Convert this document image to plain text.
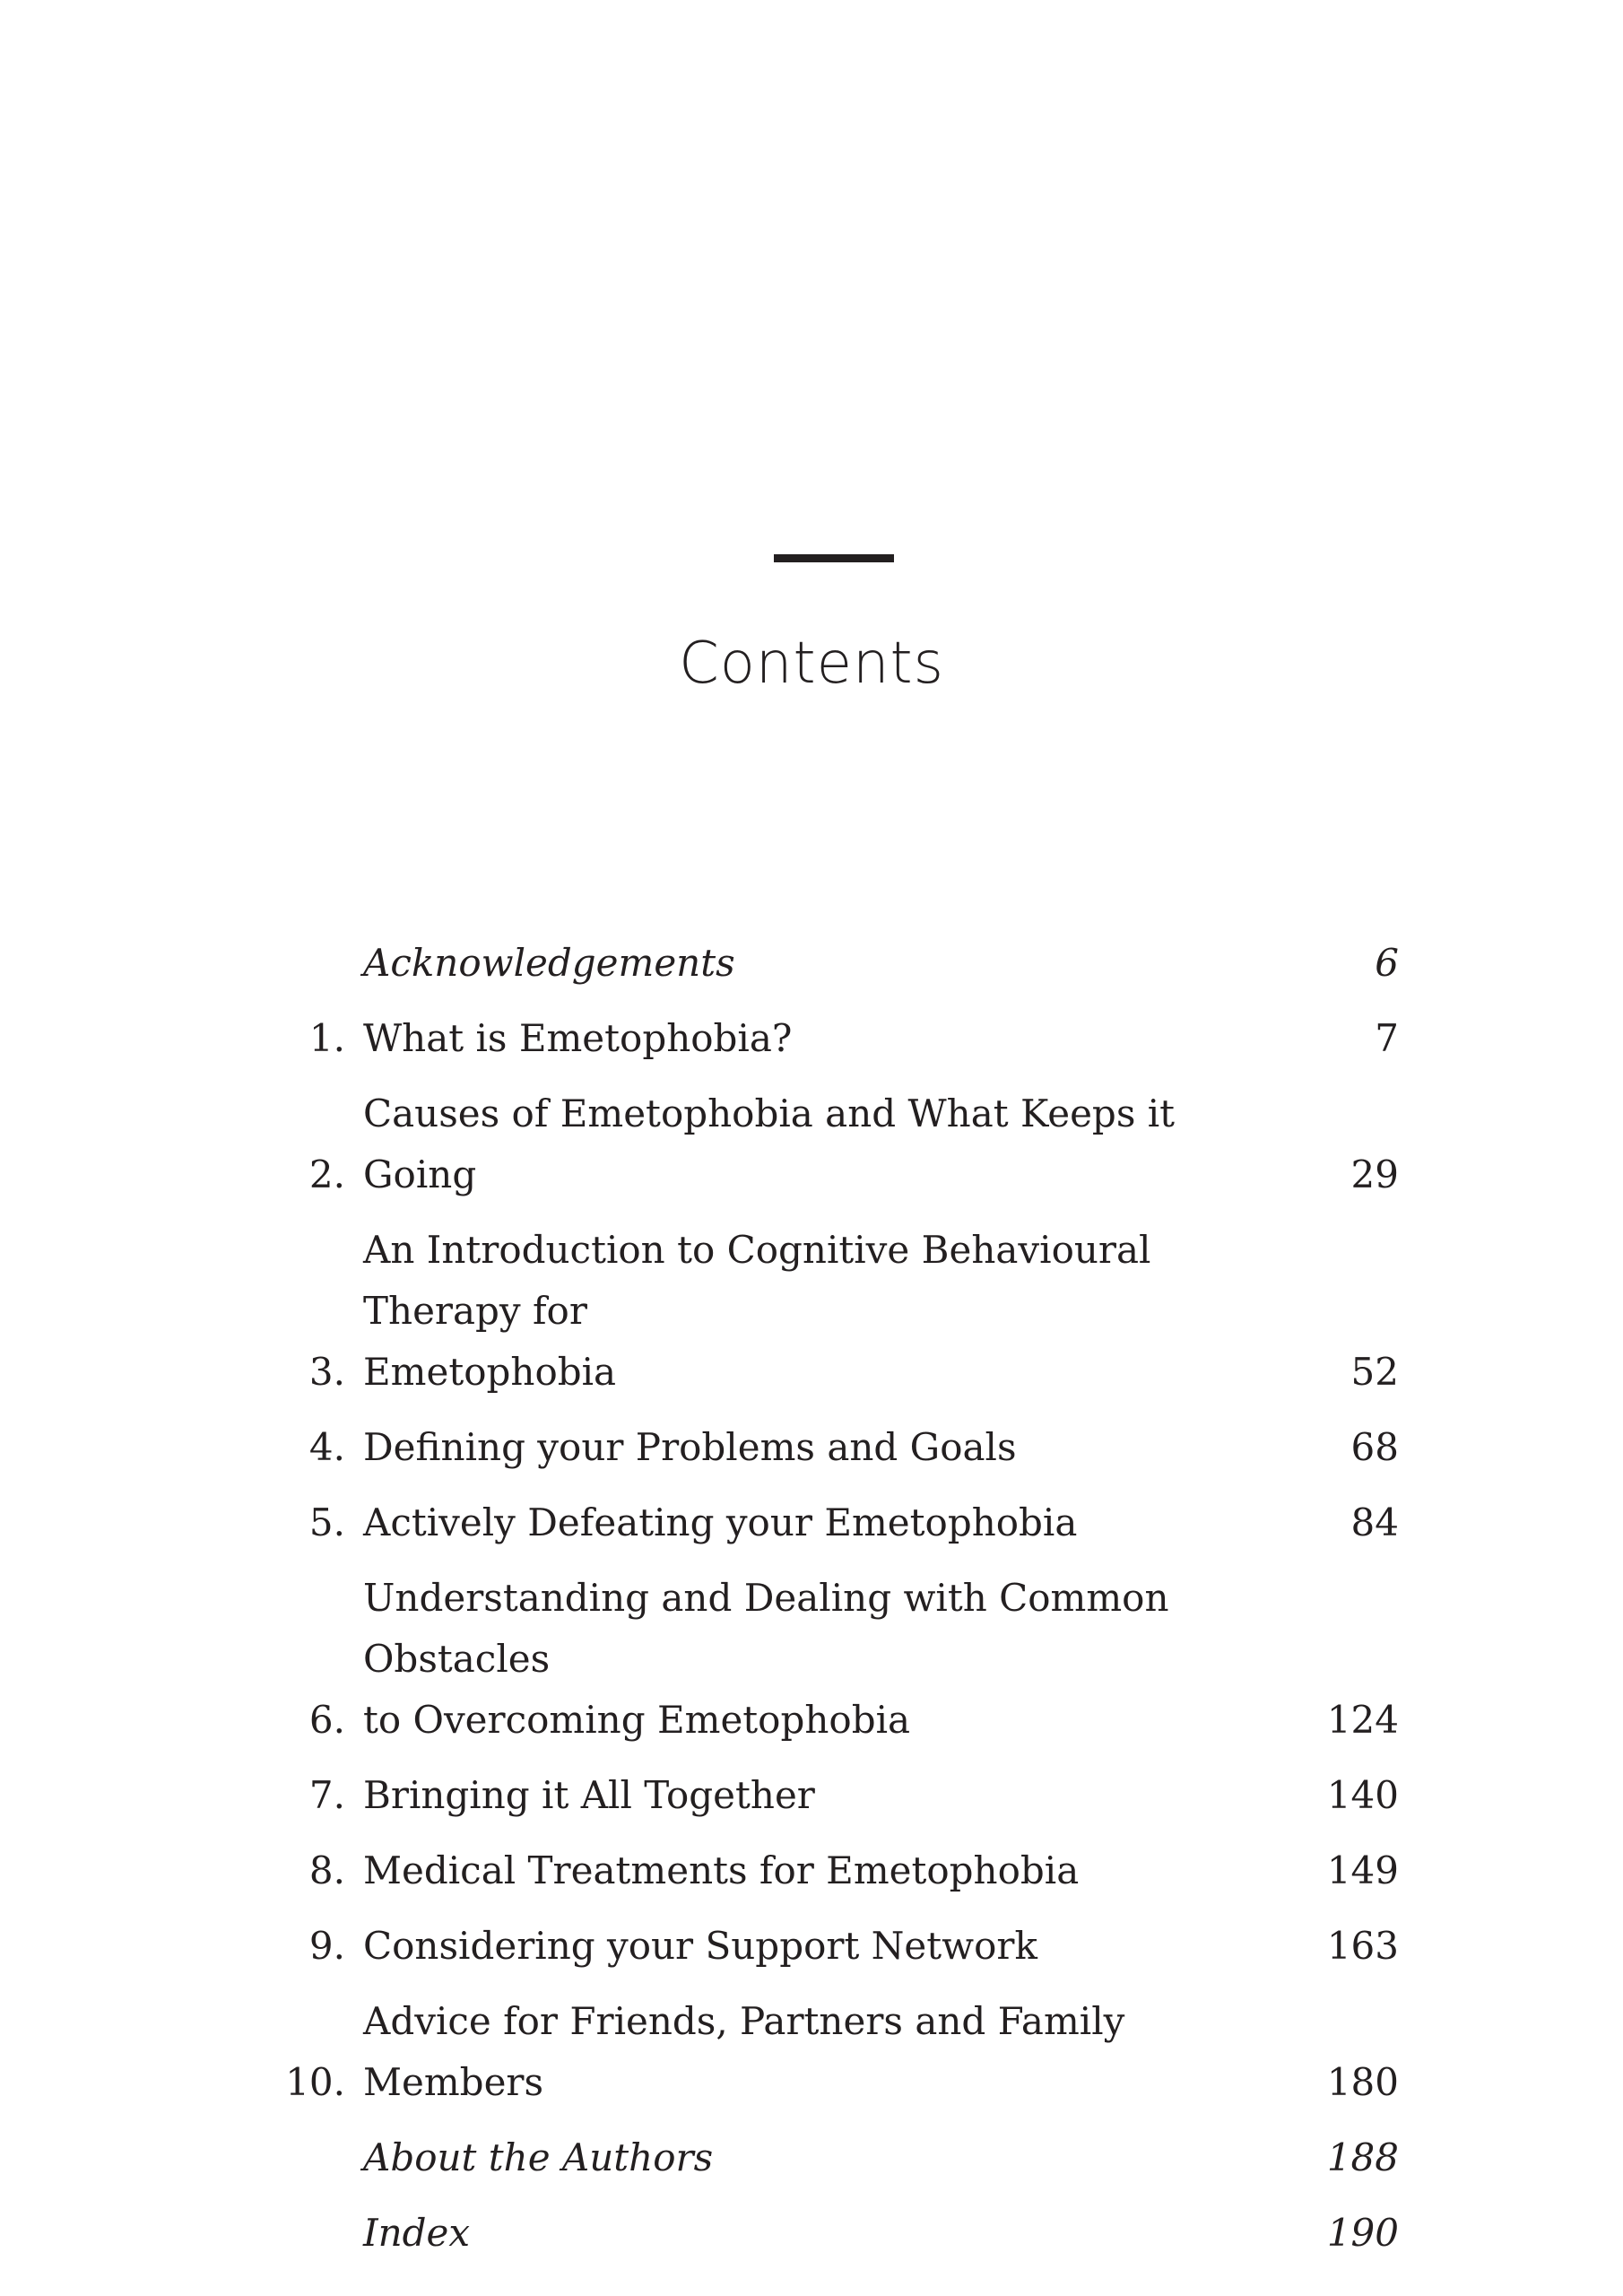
Contents
Acknowledgements	6
1. What is Emetophobia?	7
2.
Causes of Emetophobia and What Keeps it Going	29
3.
An Introduction to Cognitive Behavioural Therapy for
Emetophobia	52
4. Defining your Problems and Goals	68
5. Actively Defeating your Emetophobia	84
6.
Understanding and Dealing with Common Obstacles
to Overcoming Emetophobia	124
7. Bringing it All Together	140
8. Medical Treatments for Emetophobia	149
9. Considering your Support Network	163
10.
Advice for Friends, Partners and Family Members	180
About the Authors	188
Index	190
